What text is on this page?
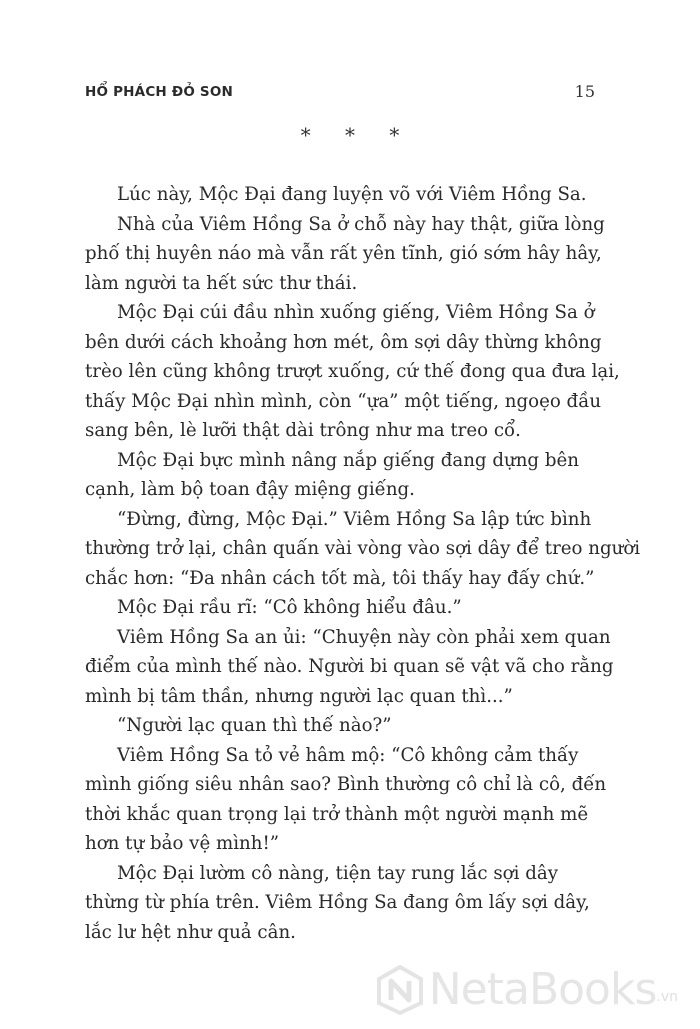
HỔ PHÁCH ĐỎ SON	15
* * *
Lúc này, Mộc Đại đang luyện võ với Viêm Hồng Sa.
Nhà của Viêm Hồng Sa ở chỗ này hay thật, giữa lòng
phố thị huyên náo mà vẫn rất yên tĩnh, gió sớm hây hây,
làm người ta hết sức thư thái.
Mộc Đại cúi đầu nhìn xuống giếng, Viêm Hồng Sa ở
bên dưới cách khoảng hơn mét, ôm sợi dây thừng không
trèo lên cũng không trượt xuống, cứ thế đong qua đưa lại,
thấy Mộc Đại nhìn mình, còn “ựa” một tiếng, ngoẹo đầu
sang bên, lè lưỡi thật dài trông như ma treo cổ.
Mộc Đại bực mình nâng nắp giếng đang dựng bên
cạnh, làm bộ toan đậy miệng giếng.
“Đừng, đừng, Mộc Đại.” Viêm Hồng Sa lập tức bình
thường trở lại, chân quấn vài vòng vào sợi dây để treo người
chắc hơn: “Đa nhân cách tốt mà, tôi thấy hay đấy chứ.”
Mộc Đại rầu rĩ: “Cô không hiểu đâu.”
Viêm Hồng Sa an ủi: “Chuyện này còn phải xem quan
điểm của mình thế nào. Người bi quan sẽ vật vã cho rằng
mình bị tâm thần, nhưng người lạc quan thì...”
“Người lạc quan thì thế nào?”
Viêm Hồng Sa tỏ vẻ hâm mộ: “Cô không cảm thấy
mình giống siêu nhân sao? Bình thường cô chỉ là cô, đến
thời khắc quan trọng lại trở thành một người mạnh mẽ
hơn tự bảo vệ mình!”
Mộc Đại lườm cô nàng, tiện tay rung lắc sợi dây
thừng từ phía trên. Viêm Hồng Sa đang ôm lấy sợi dây,
lắc lư hệt như quả cân.
NetaBooks .vn
